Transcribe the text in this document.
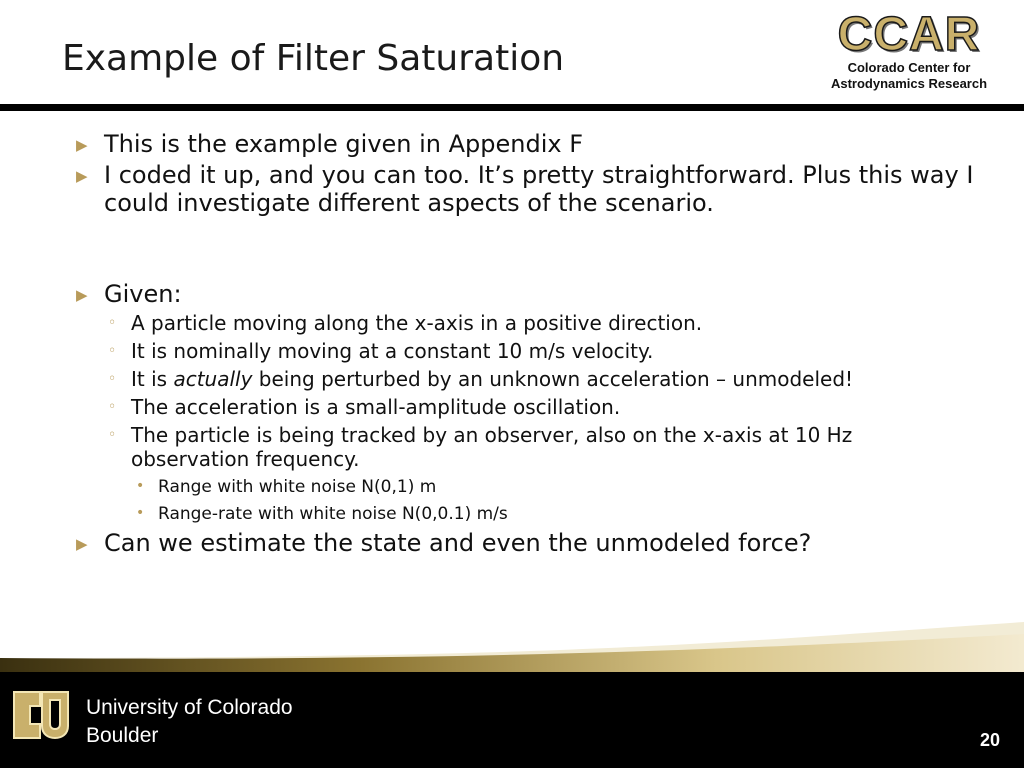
Example of Filter Saturation	CCAR
Colorado Center for
Astrodynamics Research
▶ This is the example given in Appendix F
▶ I coded it up, and you can too. It’s pretty straightforward. Plus this way I could investigate different aspects of the scenario.
▶ Given:
◦ A particle moving along the x-axis in a positive direction.
◦ It is nominally moving at a constant 10 m/s velocity.
◦ It is actually being perturbed by an unknown acceleration – unmodeled!
◦ The acceleration is a small-amplitude oscillation.
◦ The particle is being tracked by an observer, also on the x-axis at 10 Hz observation frequency.
• Range with white noise N(0,1) m
• Range-rate with white noise N(0,0.1) m/s
▶ Can we estimate the state and even the unmodeled force?
University of Colorado
Boulder	20
